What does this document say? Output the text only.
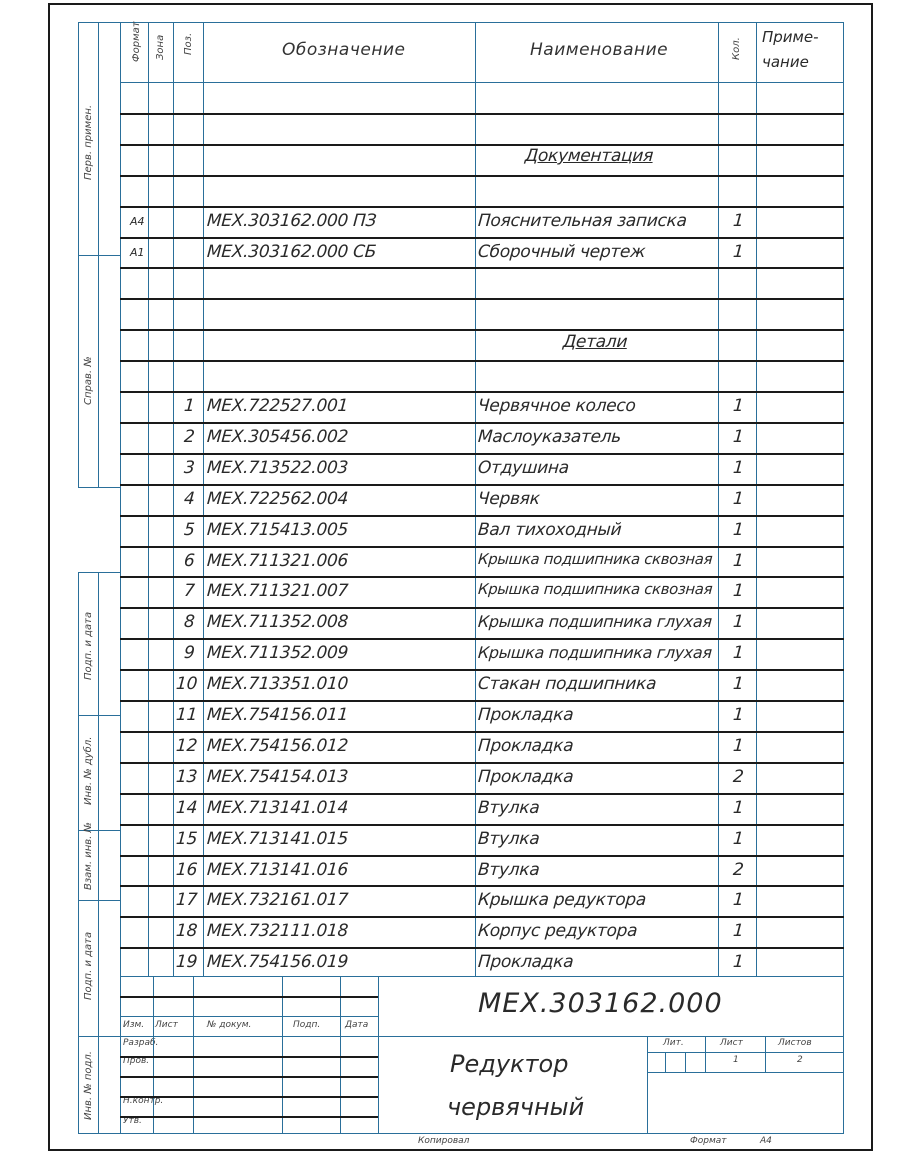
Формат Зона Поз.	Обозначение	Наименование	Кол.
Приме-
чание
Документация
Детали
МЕХ.303162.000
Редуктор
червячный
Изм. Лист	№ докум.	Подп.	Дата
Разраб.
Пров.
Н.контр.
Утв.
Лит.	Лист	Листов
1	2
Копировал	Формат	А4
Перв. примен.
Справ. №
Подп. и дата
Инв. № дубл.
Взам. инв. №
Подп. и дата
Инв. № подл.
А4	МЕХ.303162.000 ПЗ	Пояснительная записка	1
А1	МЕХ.303162.000 СБ	Сборочный чертеж	1
1 МЕХ.722527.001	Червячное колесо	1
2 МЕХ.305456.002	Маслоуказатель	1
3 МЕХ.713522.003	Отдушина	1
4 МЕХ.722562.004	Червяк	1
5 МЕХ.715413.005	Вал тихоходный	1
6 МЕХ.711321.006	Крышка подшипника сквозная 1
7 МЕХ.711321.007	Крышка подшипника сквозная 1
8 МЕХ.711352.008	Крышка подшипника глухая 1
9 МЕХ.711352.009	Крышка подшипника глухая 1
10 МЕХ.713351.010	Стакан подшипника	1
11 МЕХ.754156.011	Прокладка	1
12 МЕХ.754156.012	Прокладка	1
13 МЕХ.754154.013	Прокладка	2
14 МЕХ.713141.014	Втулка	1
15 МЕХ.713141.015	Втулка	1
16 МЕХ.713141.016	Втулка	2
17 МЕХ.732161.017	Крышка редуктора	1
18 МЕХ.732111.018	Корпус редуктора	1
19 МЕХ.754156.019	Прокладка	1
